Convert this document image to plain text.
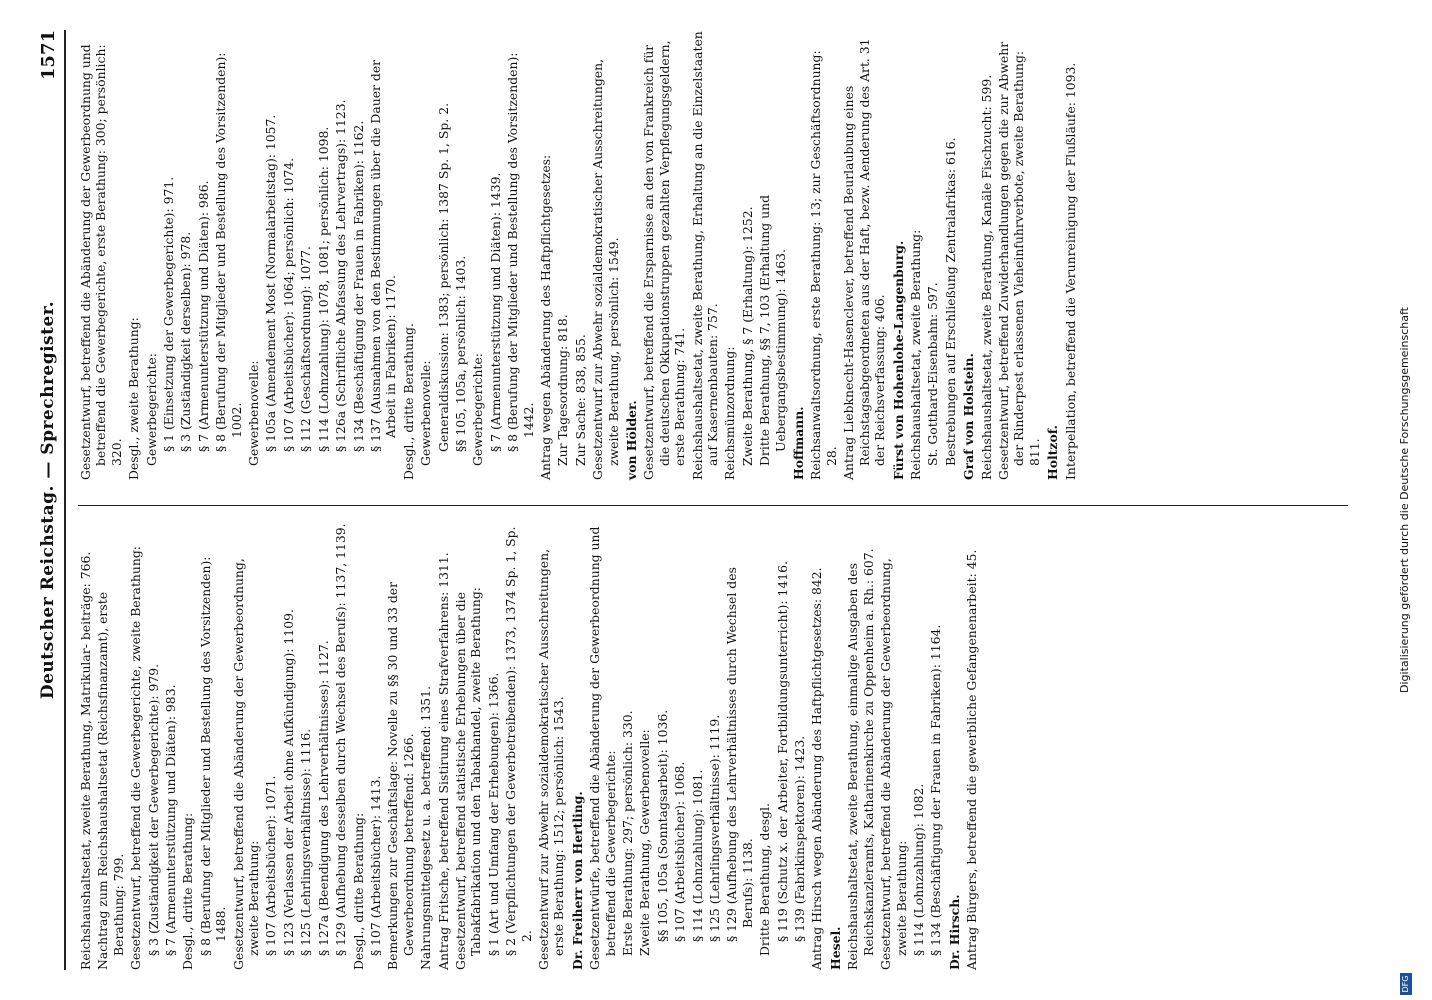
Deutscher Reichstag. — Sprechregister.
1571
Reichshaushaltsetat, zweite Berathung, Matrikular- beiträge: 766. Nachtrag zum Reichshaushaltsetat (Reichsfinanzamt), erste Berathung: 799. Gesetzentwurf, betreffend die Gewerbegerichte, zweite Berathung: § 3 (Zuständigkeit der Gewerbegerichte): 979. § 7 (Armenunterstützung und Diäten): 983. Desgl., dritte Berathung: § 8 (Berufung der Mitglieder und Bestellung des Vorsitzenden): 1488. Gesetzentwurf, betreffend die Abänderung der Gewerbeordnung, zweite Berathung: § 107 (Arbeitsbücher): 1071. § 123 (Verlassen der Arbeit ohne Aufkündigung): 1109. § 125 (Lehrlingsverhältnisse): 1116. § 127a (Beendigung des Lehrverhältnisses): 1127. § 129 (Aufhebung desselben durch Wechsel des Berufs): 1137, 1139. Desgl., dritte Berathung: § 107 (Arbeitsbücher): 1413. Bemerkungen zur Geschäftslage: Novelle zu §§ 30 und 33 der Gewerbeordnung betreffend: 1266. Nahrungsmittelgesetz u. a. betreffend: 1351. Antrag Fritsche, betreffend Sistirung eines Strafverfahrens: 1311. Gesetzentwurf, betreffend statistische Erhebungen über die Tabakfabrikation und den Tabakhandel, zweite Berathung: § 1 (Art und Umfang der Erhebungen): 1366. § 2 (Verpflichtungen der Gewerbetreibenden): 1373, 1374 Sp. 1, Sp. 2. Gesetzentwurf zur Abwehr sozialdemokratischer Ausschreitungen, erste Berathung: 1512; persönlich: 1543. Dr. Freiherr von Hertling. Gesetzentwürfe, betreffend die Abänderung der Gewerbeordnung und betreffend die Gewerbegerichte: Erste Berathung: 297; persönlich: 330. Zweite Berathung, Gewerbenovelle: §§ 105, 105a (Sonntagsarbeit): 1036. § 107 (Arbeitsbücher): 1068. § 114 (Lohnzahlung): 1081. § 125 (Lehrlingsverhältnisse): 1119. § 129 (Aufhebung des Lehrverhältnisses durch Wechsel des Berufs): 1138. Dritte Berathung, desgl. § 119 (Schutz x. der Arbeiter, Fortbildungsunterricht): 1416. § 139 (Fabrikinspektoren): 1423. Antrag Hirsch wegen Abänderung des Haftpflichtgesetzes: 842. Hesel. Reichshaushaltsetat, zweite Berathung, einmalige Ausgaben des Reichskanzleramts, Katharinenkirche zu Oppenheim a. Rh.: 607. Gesetzentwurf, betreffend die Abänderung der Gewerbeordnung, zweite Berathung: § 114 (Lohnzahlung): 1082. § 134 (Beschäftigung der Frauen in Fabriken): 1164. Dr. Hirsch. Antrag Bürgers, betreffend die gewerbliche Gefangenenarbeit: 45.
Gesetzentwurf, betreffend die Abänderung der Gewerbeordnung und betreffend die Gewerbegerichte, erste Berathung: 300; persönlich: 320. Desgl., zweite Berathung: Gewerbegerichte: § 1 (Einsetzung der Gewerbegerichte): 971. § 3 (Zuständigkeit derselben): 978. § 7 (Armenunterstützung und Diäten): 986. § 8 (Berufung der Mitglieder und Bestellung des Vorsitzenden): 1002. Gewerbenovelle: § 105a (Amendement Most (Normalarbeitstag): 1057. § 107 (Arbeitsbücher): 1064; persönlich: 1074. § 112 (Geschäftsordnung): 1077. § 114 (Lohnzahlung): 1078, 1081; persönlich: 1098. § 126a (Schriftliche Abfassung des Lehrvertrags): 1123. § 134 (Beschäftigung der Frauen in Fabriken): 1162. § 137 (Ausnahmen von den Bestimmungen über die Dauer der Arbeit in Fabriken): 1170. Desgl., dritte Berathung. Gewerbenovelle: Generaldiskussion: 1383; persönlich: 1387 Sp. 1, Sp. 2. §§ 105, 105a, persönlich: 1403. Gewerbegerichte: § 7 (Armenunterstützung und Diäten): 1439. § 8 (Berufung der Mitglieder und Bestellung des Vorsitzenden): 1442. Antrag wegen Abänderung des Haftpflichtgesetzes: Zur Tagesordnung: 818. Zur Sache: 838, 855. Gesetzentwurf zur Abwehr sozialdemokratischer Ausschreitungen, zweite Berathung, persönlich: 1549. von Hölder. Gesetzentwurf, betreffend die Ersparnisse an den von Frankreich für die deutschen Okkupationstruppen gezahlten Verpflegungsgeldern, erste Berathung: 741. Reichshaushaltsetat, zweite Berathung, Erhaltung an die Einzelstaaten auf Kasernenbauten: 757. Reichsmünzordnung: Zweite Berathung, § 7 (Erhaltung): 1252. Dritte Berathung, §§ 7, 103 (Erhaltung und Uebergangsbestimmung): 1463. Hoffmann. Reichsanwaltsordnung, erste Berathung: 13; zur Geschäftsordnung: 28. Antrag Liebknecht-Hasenclever, betreffend Beurlaubung eines Reichstagsabgeordneten aus der Haft, bezw. Aenderung des Art. 31 der Reichsverfassung: 406. Fürst von Hohenlohe-Langenburg. Reichshaushaltsetat, zweite Berathung: St. Gotthard-Eisenbahn: 597. Bestrebungen auf Erschließung Zentralafrikas: 616. Graf von Holstein. Reichshaushaltsetat, zweite Berathung, Kanäle Fischzucht: 599. Gesetzentwurf, betreffend Zuwiderhandlungen gegen die zur Abwehr der Rinderpest erlassenen Vieheinfuhrverbote, zweite Berathung: 811. Holtzof. Interpellation, betreffend die Verunreinigung der Flußläufe: 1093.
DFG
Digitalisierung gefördert durch die Deutsche Forschungsgemeinschaft
